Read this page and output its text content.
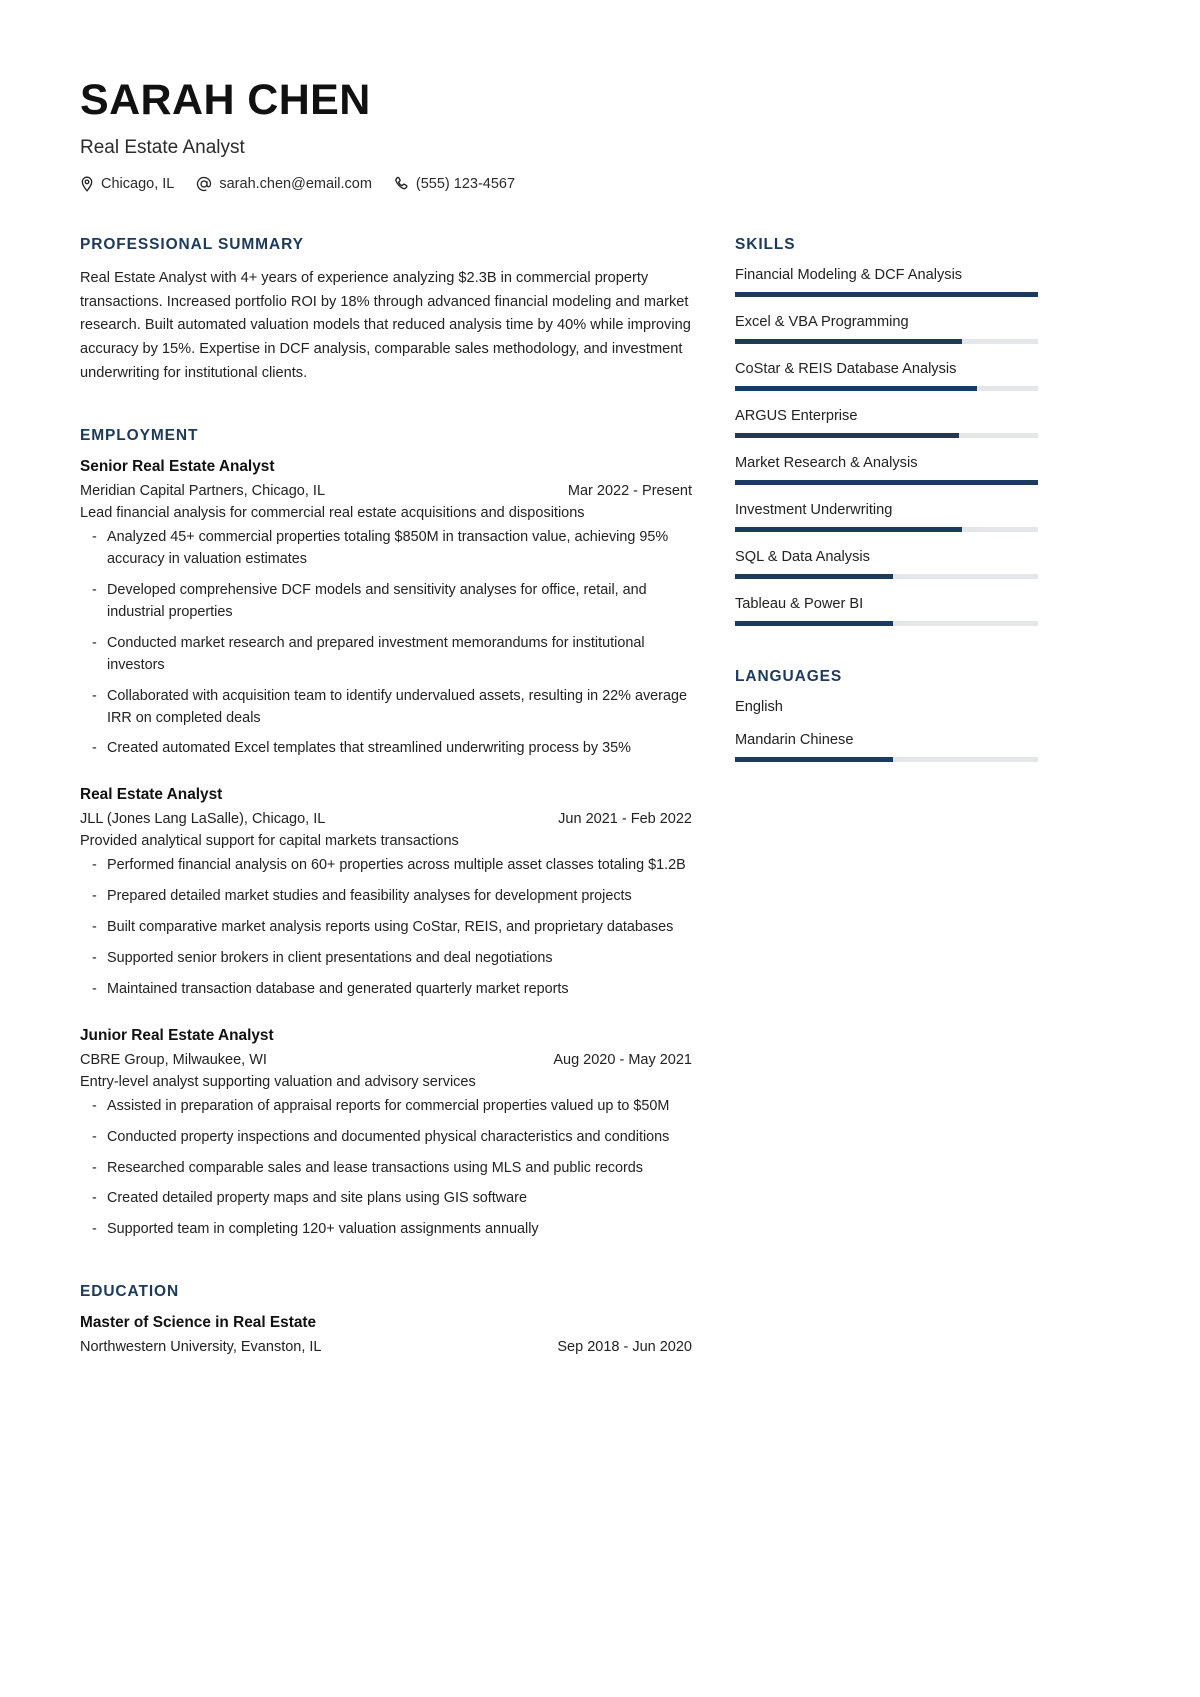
SARAH CHEN
Real Estate Analyst
Chicago, IL	sarah.chen@email.com	(555) 123-4567
PROFESSIONAL SUMMARY
Real Estate Analyst with 4+ years of experience analyzing $2.3B in commercial property transactions. Increased portfolio ROI by 18% through advanced financial modeling and market research. Built automated valuation models that reduced analysis time by 40% while improving accuracy by 15%. Expertise in DCF analysis, comparable sales methodology, and investment underwriting for institutional clients.
EMPLOYMENT
Senior Real Estate Analyst
Meridian Capital Partners, Chicago, IL	Mar 2022 - Present
Lead financial analysis for commercial real estate acquisitions and dispositions
- Analyzed 45+ commercial properties totaling $850M in transaction value, achieving 95% accuracy in valuation estimates
- Developed comprehensive DCF models and sensitivity analyses for office, retail, and industrial properties
- Conducted market research and prepared investment memorandums for institutional investors
- Collaborated with acquisition team to identify undervalued assets, resulting in 22% average IRR on completed deals
- Created automated Excel templates that streamlined underwriting process by 35%
Real Estate Analyst
JLL (Jones Lang LaSalle), Chicago, IL	Jun 2021 - Feb 2022
Provided analytical support for capital markets transactions
- Performed financial analysis on 60+ properties across multiple asset classes totaling $1.2B
- Prepared detailed market studies and feasibility analyses for development projects
- Built comparative market analysis reports using CoStar, REIS, and proprietary databases
- Supported senior brokers in client presentations and deal negotiations
- Maintained transaction database and generated quarterly market reports
Junior Real Estate Analyst
CBRE Group, Milwaukee, WI	Aug 2020 - May 2021
Entry-level analyst supporting valuation and advisory services
- Assisted in preparation of appraisal reports for commercial properties valued up to $50M
- Conducted property inspections and documented physical characteristics and conditions
- Researched comparable sales and lease transactions using MLS and public records
- Created detailed property maps and site plans using GIS software
- Supported team in completing 120+ valuation assignments annually
EDUCATION
Master of Science in Real Estate
Northwestern University, Evanston, IL	Sep 2018 - Jun 2020
SKILLS
Financial Modeling & DCF Analysis
Excel & VBA Programming
CoStar & REIS Database Analysis
ARGUS Enterprise
Market Research & Analysis
Investment Underwriting
SQL & Data Analysis
Tableau & Power BI
LANGUAGES
English
Mandarin Chinese
